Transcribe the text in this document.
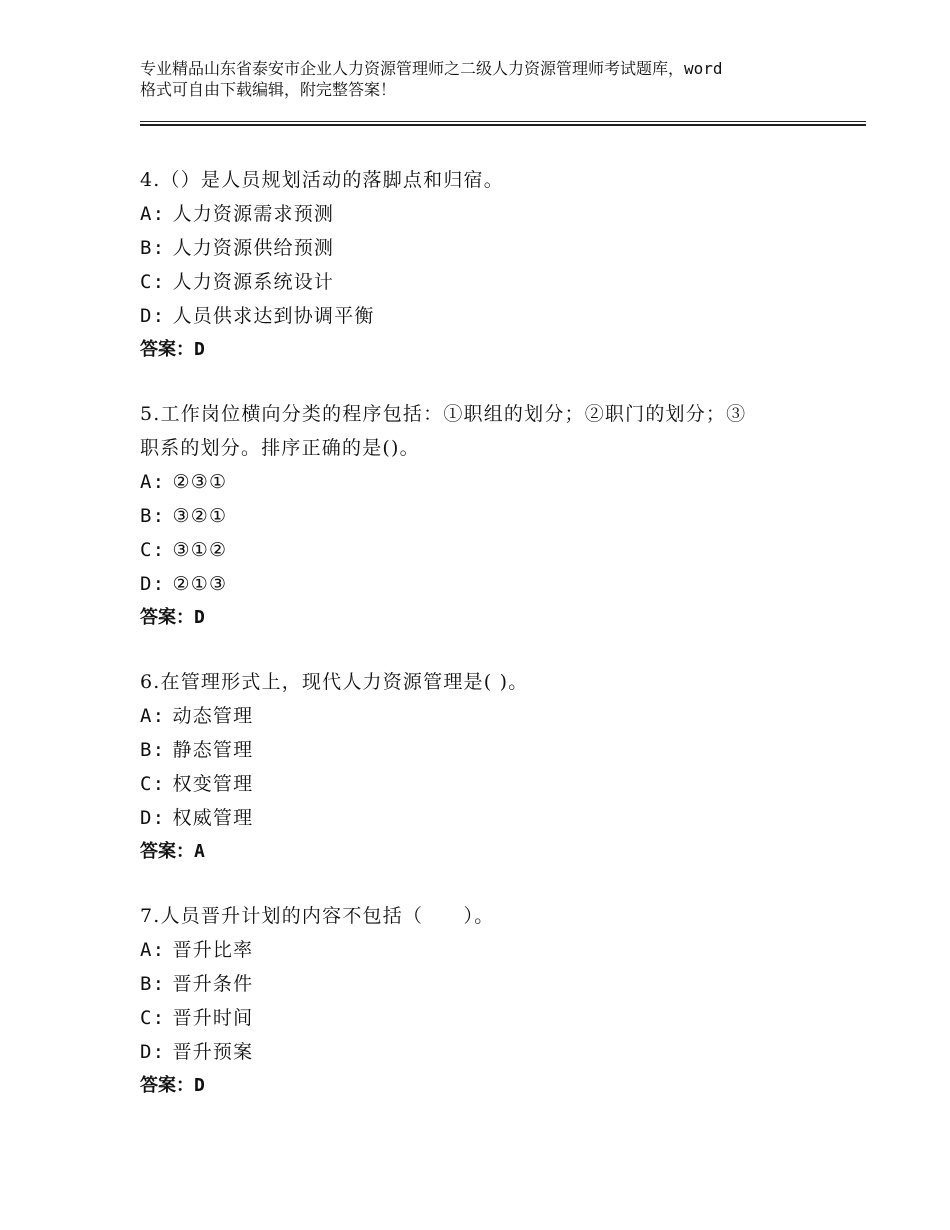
专业精品山东省泰安市企业人力资源管理师之二级人力资源管理师考试题库，word
格式可自由下载编辑，附完整答案！
4.（）是人员规划活动的落脚点和归宿。
A: 人力资源需求预测
B: 人力资源供给预测
C: 人力资源系统设计
D: 人员供求达到协调平衡
答案：D
5.工作岗位横向分类的程序包括：①职组的划分；②职门的划分；③
职系的划分。排序正确的是()。
A: ②③①
B: ③②①
C: ③①②
D: ②①③
答案：D
6.在管理形式上，现代人力资源管理是( )。
A: 动态管理
B: 静态管理
C: 权变管理
D: 权威管理
答案：A
7.人员晋升计划的内容不包括（　　）。
A: 晋升比率
B: 晋升条件
C: 晋升时间
D: 晋升预案
答案：D
